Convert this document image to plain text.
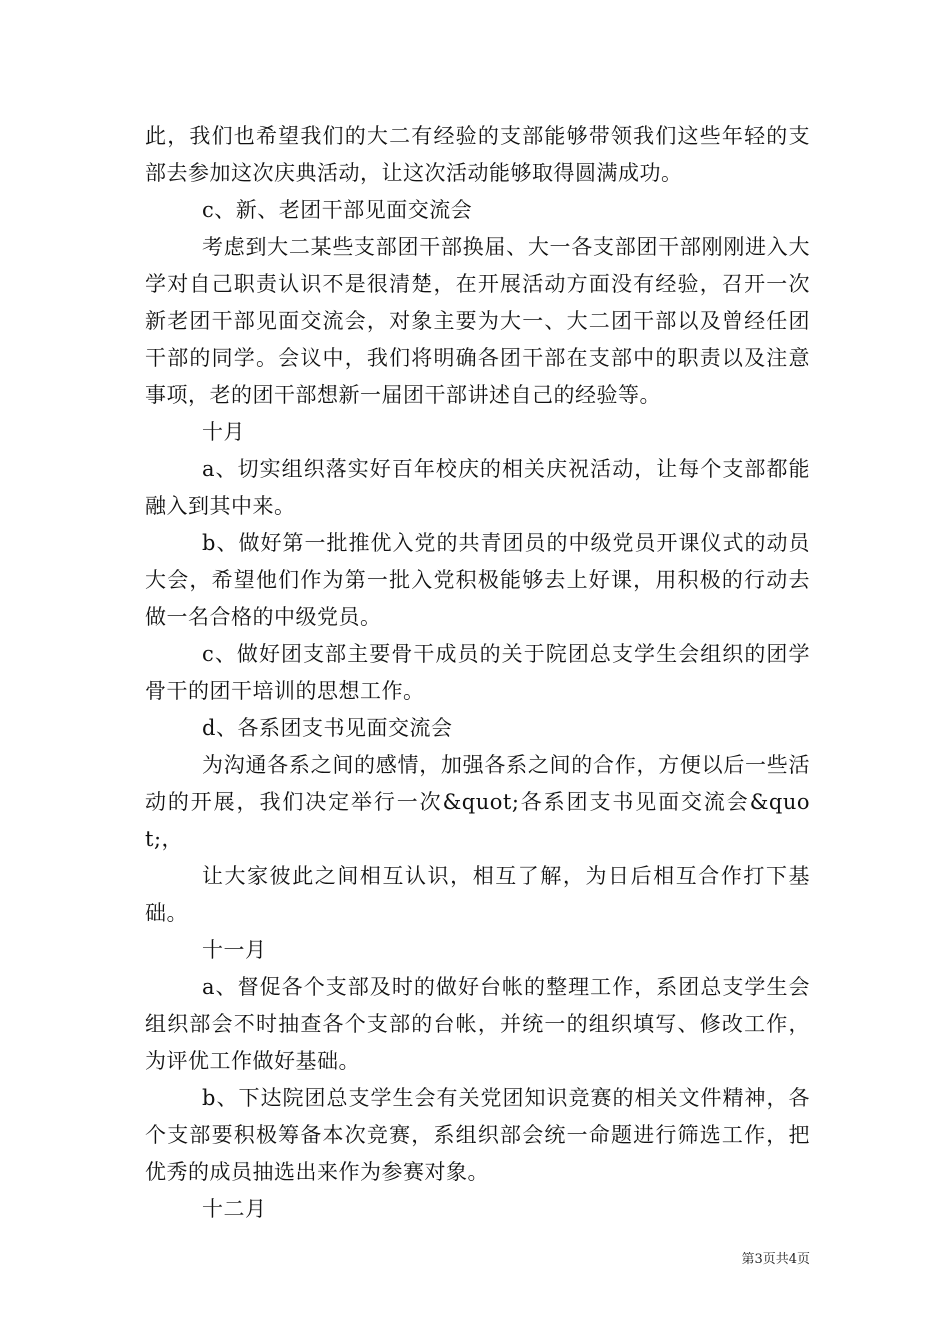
此，我们也希望我们的大二有经验的支部能够带领我们这些年轻的支部去参加这次庆典活动，让这次活动能够取得圆满成功。

c、新、老团干部见面交流会

考虑到大二某些支部团干部换届、大一各支部团干部刚刚进入大学对自己职责认识不是很清楚，在开展活动方面没有经验，召开一次新老团干部见面交流会，对象主要为大一、大二团干部以及曾经任团干部的同学。会议中，我们将明确各团干部在支部中的职责以及注意事项，老的团干部想新一届团干部讲述自己的经验等。

十月

a、切实组织落实好百年校庆的相关庆祝活动，让每个支部都能融入到其中来。

b、做好第一批推优入党的共青团员的中级党员开课仪式的动员大会，希望他们作为第一批入党积极能够去上好课，用积极的行动去做一名合格的中级党员。

c、做好团支部主要骨干成员的关于院团总支学生会组织的团学骨干的团干培训的思想工作。

d、各系团支书见面交流会

为沟通各系之间的感情，加强各系之间的合作，方便以后一些活动的开展，我们决定举行一次&quot;各系团支书见面交流会&quot;，

让大家彼此之间相互认识，相互了解，为日后相互合作打下基础。

十一月

a、督促各个支部及时的做好台帐的整理工作，系团总支学生会组织部会不时抽查各个支部的台帐，并统一的组织填写、修改工作，为评优工作做好基础。

b、下达院团总支学生会有关党团知识竞赛的相关文件精神，各个支部要积极筹备本次竞赛，系组织部会统一命题进行筛选工作，把优秀的成员抽选出来作为参赛对象。

十二月

第3页共4页
